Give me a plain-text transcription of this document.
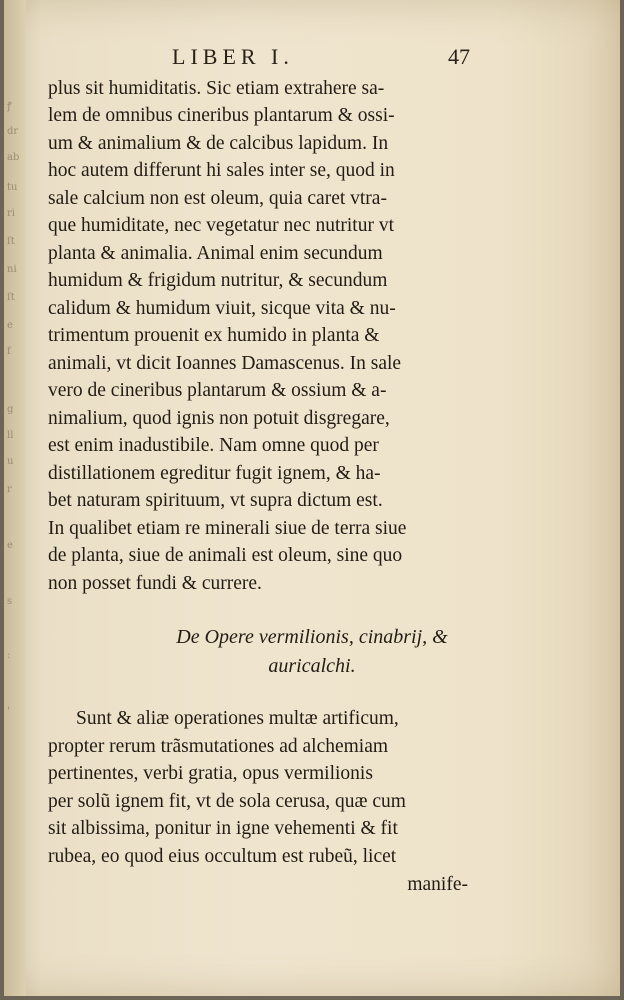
ꝭ
dr
ab
tu
ri
ſt
ni
ſt
e
f
g
ll
u
r
e
s
:
'
LIBER I.	47
plus sit humiditatis. Sic etiam extrahere sa-
lem de omnibus cineribus plantarum & ossi-
um & animalium & de calcibus lapidum. In
hoc autem differunt hi sales inter se, quod in
sale calcium non est oleum, quia caret vtra-
que humiditate, nec vegetatur nec nutritur vt
planta & animalia. Animal enim secundum
humidum & frigidum nutritur, & secundum
calidum & humidum viuit, sicque vita & nu-
trimentum prouenit ex humido in planta &
animali, vt dicit Ioannes Damascenus. In sale
vero de cineribus plantarum & ossium & a-
nimalium, quod ignis non potuit disgregare,
est enim inadustibile. Nam omne quod per
distillationem egreditur fugit ignem, & ha-
bet naturam spirituum, vt supra dictum est.
In qualibet etiam re minerali siue de terra siue
de planta, siue de animali est oleum, sine quo
non posset fundi & currere.
De Opere vermilionis, cinabrij, &
auricalchi.
Sunt & aliæ operationes multæ artificum,
propter rerum trãsmutationes ad alchemiam
pertinentes, verbi gratia, opus vermilionis
per solũ ignem fit, vt de sola cerusa, quæ cum
sit albissima, ponitur in igne vehementi & fit
rubea, eo quod eius occultum est rubeũ, licet
manife-
